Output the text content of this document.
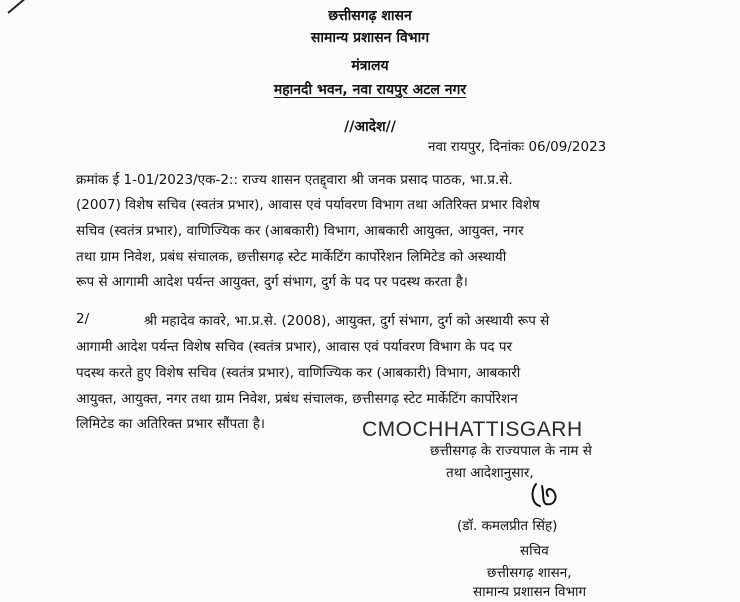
छत्तीसगढ़ शासन
सामान्य प्रशासन विभाग
मंत्रालय
महानदी भवन, नवा रायपुर अटल नगर
//आदेश//
नवा रायपुर, दिनांकः 06/09/2023
क्रमांक ई 1-01/2023/एक-2:: राज्य शासन एतद्द्वारा श्री जनक प्रसाद पाठक, भा.प्र.से.
(2007) विशेष सचिव (स्वतंत्र प्रभार), आवास एवं पर्यावरण विभाग तथा अतिरिक्त प्रभार विशेष
सचिव (स्वतंत्र प्रभार), वाणिज्यिक कर (आबकारी) विभाग, आबकारी आयुक्त, आयुक्त, नगर
तथा ग्राम निवेश, प्रबंध संचालक, छत्तीसगढ़ स्टेट मार्केटिंग कार्पोरेशन लिमिटेड को अस्थायी
रूप से आगामी आदेश पर्यन्त आयुक्त, दुर्ग संभाग, दुर्ग के पद पर पदस्थ करता है।
2/	श्री महादेव कावरे, भा.प्र.से. (2008), आयुक्त, दुर्ग संभाग, दुर्ग को अस्थायी रूप से
आगामी आदेश पर्यन्त विशेष सचिव (स्वतंत्र प्रभार), आवास एवं पर्यावरण विभाग के पद पर
पदस्थ करते हुए विशेष सचिव (स्वतंत्र प्रभार), वाणिज्यिक कर (आबकारी) विभाग, आबकारी
आयुक्त, आयुक्त, नगर तथा ग्राम निवेश, प्रबंध संचालक, छत्तीसगढ़ स्टेट मार्केटिंग कार्पोरेशन
लिमिटेड का अतिरिक्त प्रभार सौंपता है।	CMOCHHATTISGARH
छत्तीसगढ़ के राज्यपाल के नाम से
तथा आदेशानुसार,
(डॉ. कमलप्रीत सिंह)
सचिव
छत्तीसगढ़ शासन,
सामान्य प्रशासन विभाग
